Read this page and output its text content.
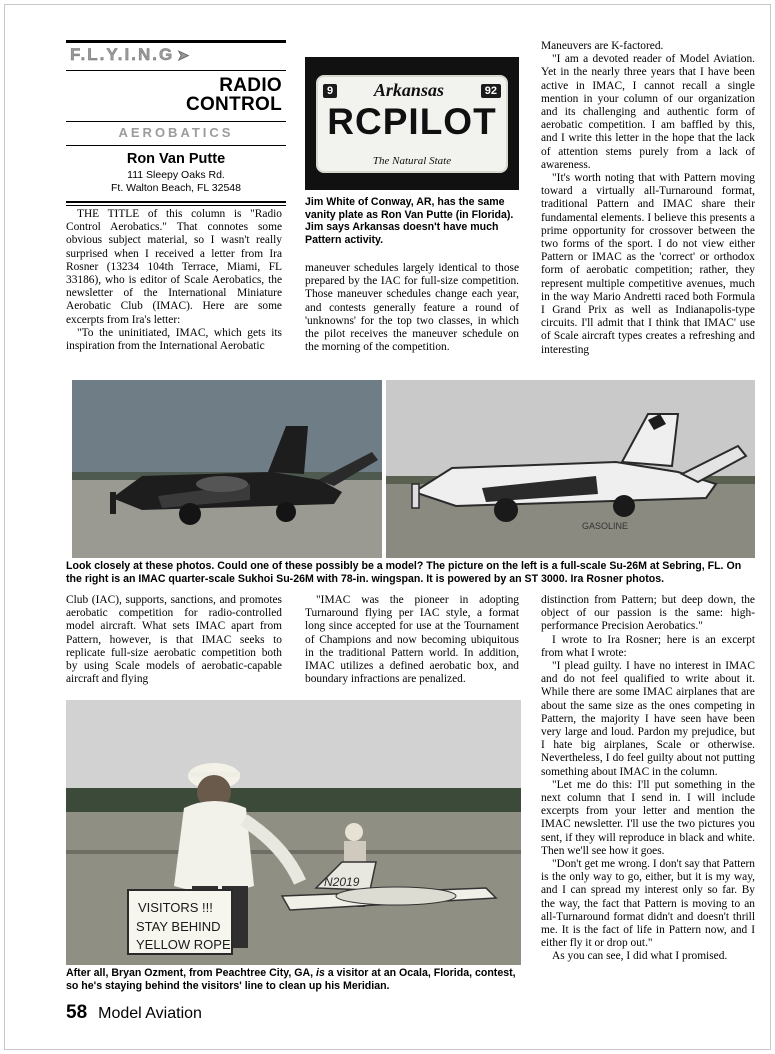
F.L.Y.I.N.G ➤
RADIO
CONTROL
AEROBATICS
Ron Van Putte
111 Sleepy Oaks Rd.
Ft. Walton Beach, FL 32548
9 Arkansas	92
RCPILOT
The Natural State
Jim White of Conway, AR, has the same vanity plate as Ron Van Putte (in Florida). Jim says Arkansas doesn't have much Pattern activity.

THE TITLE of this column is "Radio Control Aerobatics." That connotes some obvious subject material, so I wasn't really surprised when I received a letter from Ira Rosner (13234 104th Terrace, Miami, FL 33186), who is editor of Scale Aerobatics, the newsletter of the International Miniature Aerobatic Club (IMAC). Here are some excerpts from Ira's letter:

"To the uninitiated, IMAC, which gets its inspiration from the International Aerobatic

maneuver schedules largely identical to those prepared by the IAC for full-size competition. Those maneuver schedules change each year, and contests generally feature a round of 'unknowns' for the top two classes, in which the pilot receives the maneuver schedule on the morning of the competition.

Maneuvers are K-factored.

"I am a devoted reader of Model Aviation. Yet in the nearly three years that I have been active in IMAC, I cannot recall a single mention in your column of our organization and its challenging and authentic form of aerobatic competition. I am baffled by this, and I write this letter in the hope that the lack of attention stems purely from a lack of awareness.

"It's worth noting that with Pattern moving toward a virtually all-Turnaround format, traditional Pattern and IMAC share their fundamental elements. I believe this presents a prime opportunity for crossover between the two forms of the sport. I do not view either Pattern or IMAC as the 'correct' or orthodox form of aerobatic competition; rather, they represent multiple competitive avenues, much in the way Mario Andretti raced both Formula I Grand Prix as well as Indianapolis-type circuits. I'll admit that I think that IMAC' use of Scale aircraft types creates a refreshing and interesting

GASOLINE
Look closely at these photos. Could one of these possibly be a model? The picture on the left is a full-scale Su-26M at Sebring, FL. On the right is an IMAC quarter-scale Sukhoi Su-26M with 78-in. wingspan. It is powered by an ST 3000. Ira Rosner photos.

Club (IAC), supports, sanctions, and promotes aerobatic competition for radio-controlled model aircraft. What sets IMAC apart from Pattern, however, is that IMAC seeks to replicate full-size aerobatic competition both by using Scale models of aerobatic-capable aircraft and flying

"IMAC was the pioneer in adopting Turnaround flying per IAC style, a format long since accepted for use at the Tournament of Champions and now becoming ubiquitous in the traditional Pattern world. In addition, IMAC utilizes a defined aerobatic box, and boundary infractions are penalized.

distinction from Pattern; but deep down, the object of our passion is the same: high-performance Precision Aerobatics."

I wrote to Ira Rosner; here is an excerpt from what I wrote:

"I plead guilty. I have no interest in IMAC and do not feel qualified to write about it. While there are some IMAC airplanes that are about the same size as the ones competing in Pattern, the majority I have seen have been very large and loud. Pardon my prejudice, but I hate big airplanes, Scale or otherwise. Nevertheless, I do feel guilty about not putting something about IMAC in the column.

"Let me do this: I'll put something in the next column that I send in. I will include excerpts from your letter and mention the IMAC newsletter. I'll use the two pictures you sent, if they will reproduce in black and white. Then we'll see how it goes.

"Don't get me wrong. I don't say that Pattern is the only way to go, either, but it is my way, and I can spread my interest only so far. By the way, the fact that Pattern is moving to an all-Turnaround format didn't and doesn't thrill me. It is the fact of life in Pattern now, and I either fly it or drop out."

As you can see, I did what I promised.

N2019
VISITORS !!!
STAY BEHIND
YELLOW ROPE
After all, Bryan Ozment, from Peachtree City, GA, is a visitor at an Ocala, Florida, contest, so he's staying behind the visitors' line to clean up his Meridian.
58 Model Aviation
